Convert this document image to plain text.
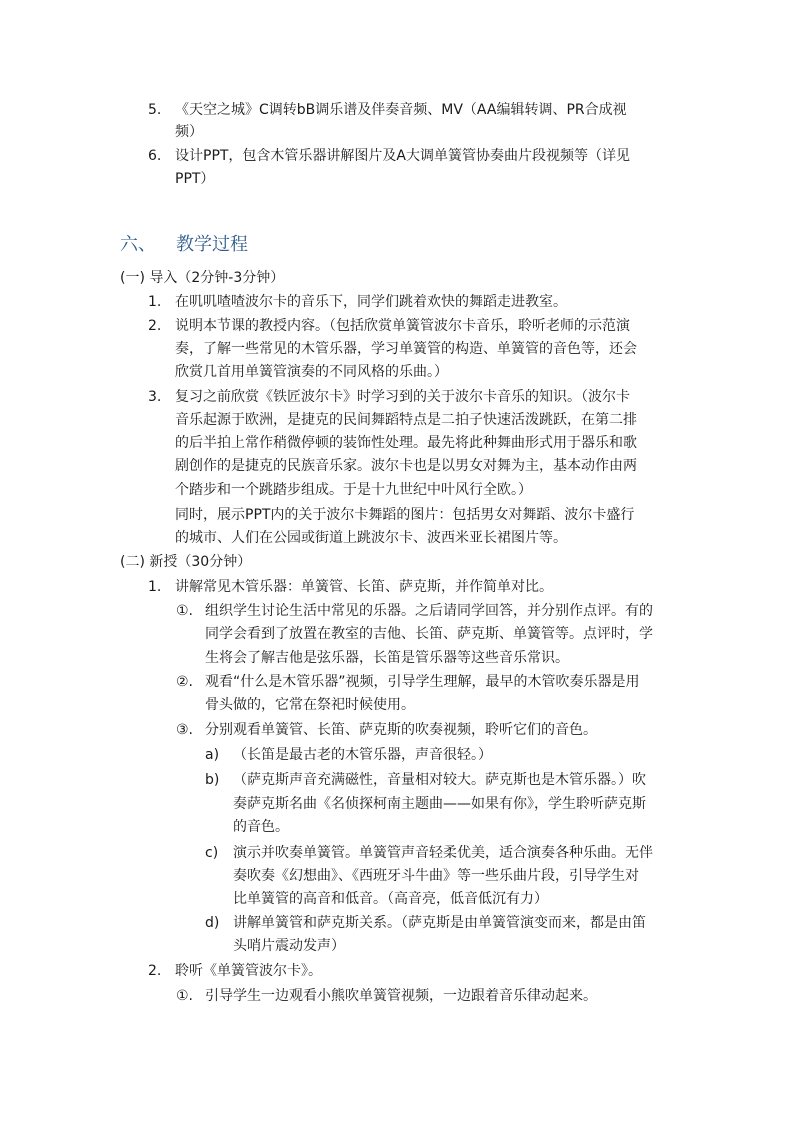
5. 《天空之城》C调转bB调乐谱及伴奏音频、MV（AA编辑转调、PR合成视
频）
6. 设计PPT，包含木管乐器讲解图片及A大调单簧管协奏曲片段视频等（详见
PPT）
六、 教学过程
(一) 导入（2分钟-3分钟）
1. 在叽叽喳喳波尔卡的音乐下，同学们跳着欢快的舞蹈走进教室。
2. 说明本节课的教授内容。（包括欣赏单簧管波尔卡音乐，聆听老师的示范演
奏，了解一些常见的木管乐器，学习单簧管的构造、单簧管的音色等，还会
欣赏几首用单簧管演奏的不同风格的乐曲。）
3. 复习之前欣赏《铁匠波尔卡》时学习到的关于波尔卡音乐的知识。（波尔卡
音乐起源于欧洲，是捷克的民间舞蹈特点是二拍子快速活泼跳跃，在第二排
的后半拍上常作稍微停顿的装饰性处理。最先将此种舞曲形式用于器乐和歌
剧创作的是捷克的民族音乐家。波尔卡也是以男女对舞为主，基本动作由两
个踏步和一个跳踏步组成。于是十九世纪中叶风行全欧。）
同时，展示PPT内的关于波尔卡舞蹈的图片：包括男女对舞蹈、波尔卡盛行
的城市、人们在公园或街道上跳波尔卡、波西米亚长裙图片等。
(二) 新授（30分钟）
1. 讲解常见木管乐器：单簧管、长笛、萨克斯，并作简单对比。
①. 组织学生讨论生活中常见的乐器。之后请同学回答，并分别作点评。有的
同学会看到了放置在教室的吉他、长笛、萨克斯、单簧管等。点评时，学
生将会了解吉他是弦乐器，长笛是管乐器等这些音乐常识。
②. 观看“什么是木管乐器”视频，引导学生理解，最早的木管吹奏乐器是用
骨头做的，它常在祭祀时候使用。
③. 分别观看单簧管、长笛、萨克斯的吹奏视频，聆听它们的音色。
a) （长笛是最古老的木管乐器，声音很轻。）
b) （萨克斯声音充满磁性，音量相对较大。萨克斯也是木管乐器。）吹
奏萨克斯名曲《名侦探柯南主题曲——如果有你》，学生聆听萨克斯
的音色。
c) 演示并吹奏单簧管。单簧管声音轻柔优美，适合演奏各种乐曲。无伴
奏吹奏《幻想曲》、《西班牙斗牛曲》等一些乐曲片段，引导学生对
比单簧管的高音和低音。（高音亮，低音低沉有力）
d) 讲解单簧管和萨克斯关系。（萨克斯是由单簧管演变而来，都是由笛
头哨片震动发声）
2. 聆听《单簧管波尔卡》。
①. 引导学生一边观看小熊吹单簧管视频，一边跟着音乐律动起来。
